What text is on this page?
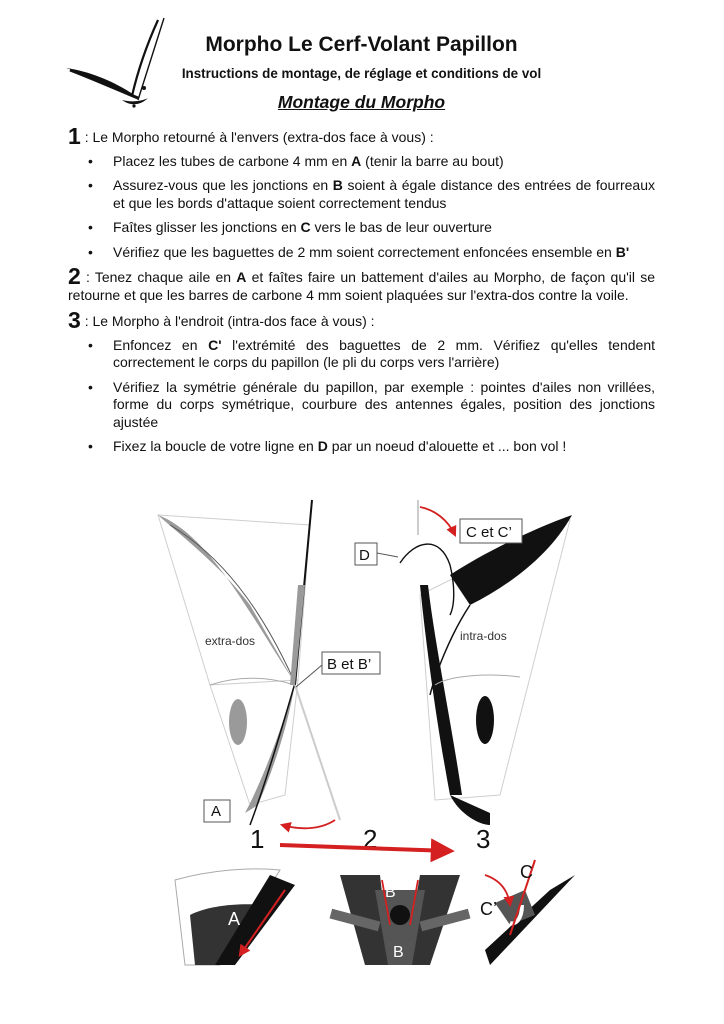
Morpho Le Cerf-Volant Papillon
Instructions de montage, de réglage et conditions de vol
Montage du Morpho

1 : Le Morpho retourné à l'envers (extra-dos face à vous) :

• Placez les tubes de carbone 4 mm en A (tenir la barre au bout)
• Assurez-vous que les jonctions en B soient à égale distance des entrées de fourreaux et que les bords d'attaque soient correctement tendus
• Faîtes glisser les jonctions en C vers le bas de leur ouverture
• Vérifiez que les baguettes de 2 mm soient correctement enfoncées ensemble en B'

2 : Tenez chaque aile en A et faîtes faire un battement d'ailes au Morpho, de façon qu'il se retourne et que les barres de carbone 4 mm soient plaquées sur l'extra-dos contre la voile.

3 : Le Morpho à l'endroit (intra-dos face à vous) :

• Enfoncez en C' l'extrémité des baguettes de 2 mm. Vérifiez qu'elles tendent correctement le corps du papillon (le pli du corps vers l'arrière)
• Vérifiez la symétrie générale du papillon, par exemple : pointes d'ailes non vrillées, forme du corps symétrique, courbure des antennes égales, position des jonctions ajustée
• Fixez la boucle de votre ligne en D par un noeud d'alouette et ... bon vol !
extra-dos	intra-dos
B et B’
C et C’
D
A
1	2	3
A
B’
B
C
C’
